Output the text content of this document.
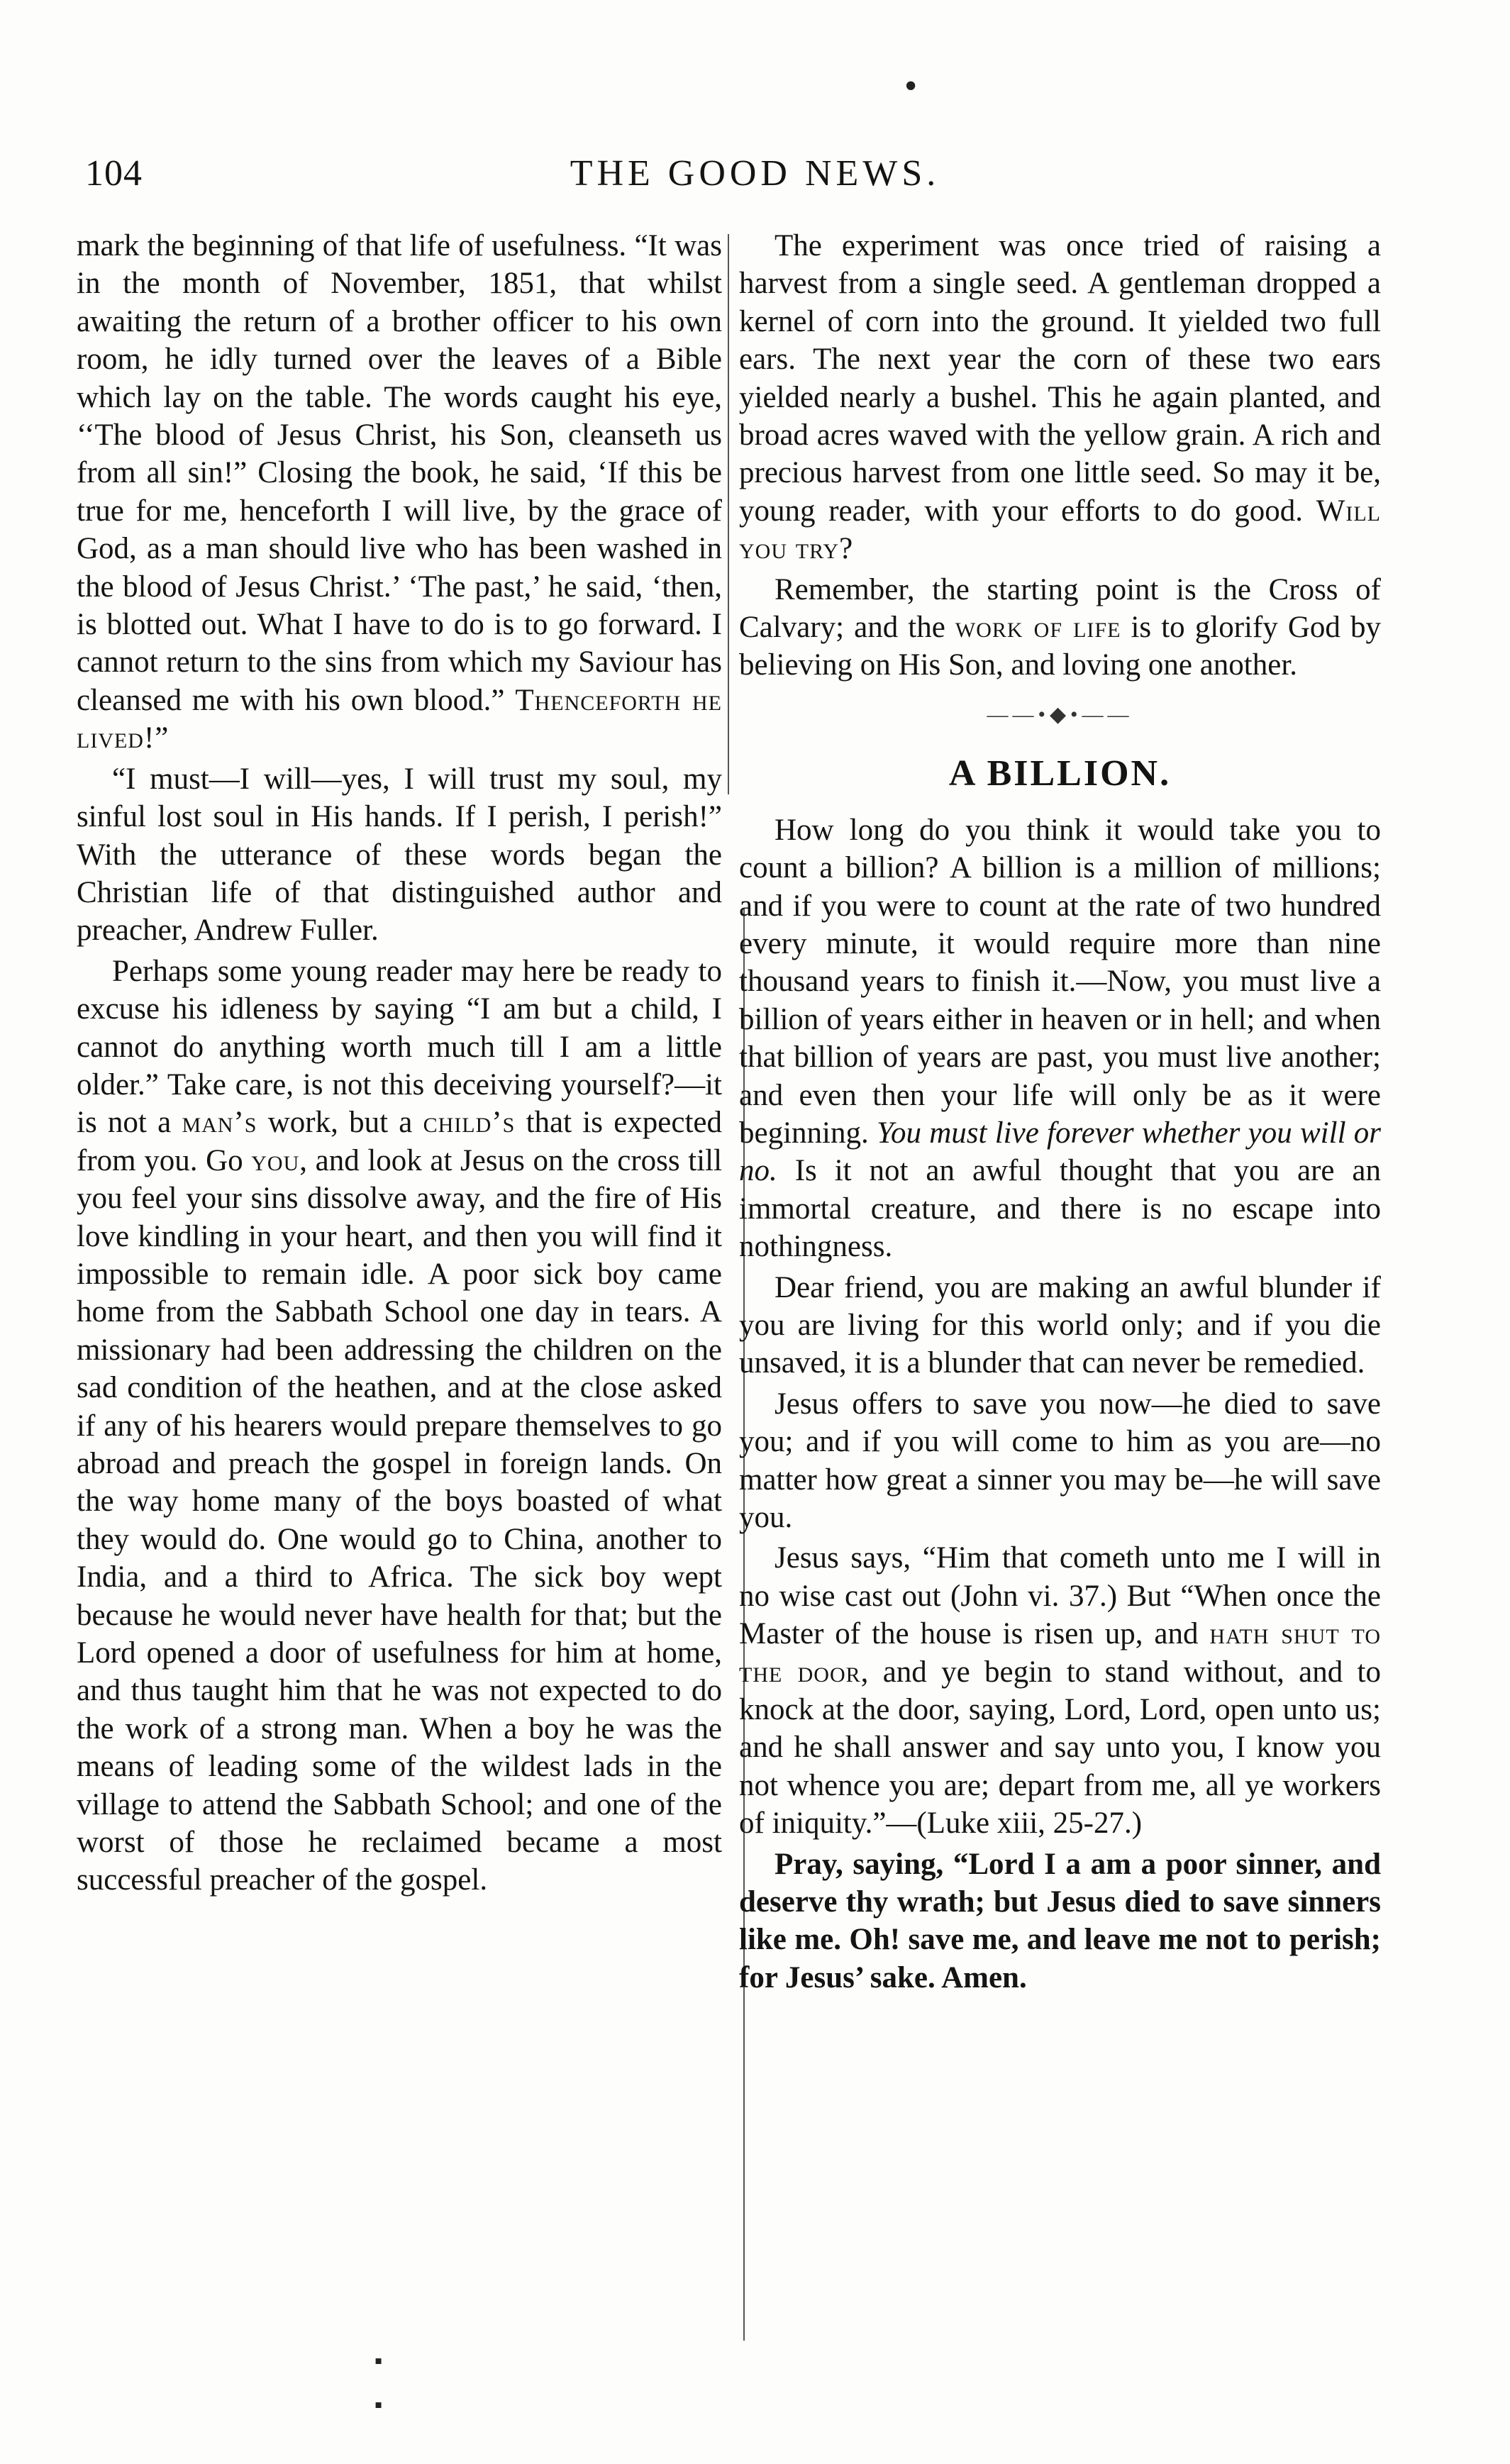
•
▪
▪
104	THE GOOD NEWS.

mark the beginning of that life of usefulness. “It was in the month of November, 1851, that whilst awaiting the return of a brother officer to his own room, he idly turned over the leaves of a Bible which lay on the table. The words caught his eye, ‘‘The blood of Jesus Christ, his Son, cleanseth us from all sin!” Closing the book, he said, ‘If this be true for me, henceforth I will live, by the grace of God, as a man should live who has been washed in the blood of Jesus Christ.’ ‘The past,’ he said, ‘then, is blotted out. What I have to do is to go forward. I cannot return to the sins from which my Saviour has cleansed me with his own blood.” Thenceforth he lived!”

“I must—I will—yes, I will trust my soul, my sinful lost soul in His hands. If I perish, I perish!” With the utterance of these words began the Christian life of that distinguished author and preacher, Andrew Fuller.

Perhaps some young reader may here be ready to excuse his idleness by saying “I am but a child, I cannot do anything worth much till I am a little older.” Take care, is not this deceiving yourself?—it is not a man’s work, but a child’s that is expected from you. Go you, and look at Jesus on the cross till you feel your sins dissolve away, and the fire of His love kindling in your heart, and then you will find it impossible to remain idle. A poor sick boy came home from the Sabbath School one day in tears. A missionary had been addressing the children on the sad condition of the heathen, and at the close asked if any of his hearers would prepare themselves to go abroad and preach the gospel in foreign lands. On the way home many of the boys boasted of what they would do. One would go to China, another to India, and a third to Africa. The sick boy wept because he would never have health for that; but the Lord opened a door of usefulness for him at home, and thus taught him that he was not expected to do the work of a strong man. When a boy he was the means of leading some of the wildest lads in the village to attend the Sabbath School; and one of the worst of those he reclaimed became a most successful preacher of the gospel.

The experiment was once tried of raising a harvest from a single seed. A gentleman dropped a kernel of corn into the ground. It yielded two full ears. The next year the corn of these two ears yielded nearly a bushel. This he again planted, and broad acres waved with the yellow grain. A rich and precious harvest from one little seed. So may it be, young reader, with your efforts to do good. Will you try?

Remember, the starting point is the Cross of Calvary; and the work of life is to glorify God by believing on His Son, and loving one another.

——•◆•——

A BILLION.

How long do you think it would take you to count a billion? A billion is a million of millions; and if you were to count at the rate of two hundred every minute, it would require more than nine thousand years to finish it.—Now, you must live a billion of years either in heaven or in hell; and when that billion of years are past, you must live another; and even then your life will only be as it were beginning. You must live forever whether you will or no. Is it not an awful thought that you are an immortal creature, and there is no escape into nothingness.

Dear friend, you are making an awful blunder if you are living for this world only; and if you die unsaved, it is a blunder that can never be remedied.

Jesus offers to save you now—he died to save you; and if you will come to him as you are—no matter how great a sinner you may be—he will save you.

Jesus says, “Him that cometh unto me I will in no wise cast out (John vi. 37.) But “When once the Master of the house is risen up, and hath shut to the door, and ye begin to stand without, and to knock at the door, saying, Lord, Lord, open unto us; and he shall answer and say unto you, I know you not whence you are; depart from me, all ye workers of iniquity.”—(Luke xiii, 25-27.)

Pray, saying, “Lord I a am a poor sinner, and deserve thy wrath; but Jesus died to save sinners like me. Oh! save me, and leave me not to perish; for Jesus’ sake. Amen.
